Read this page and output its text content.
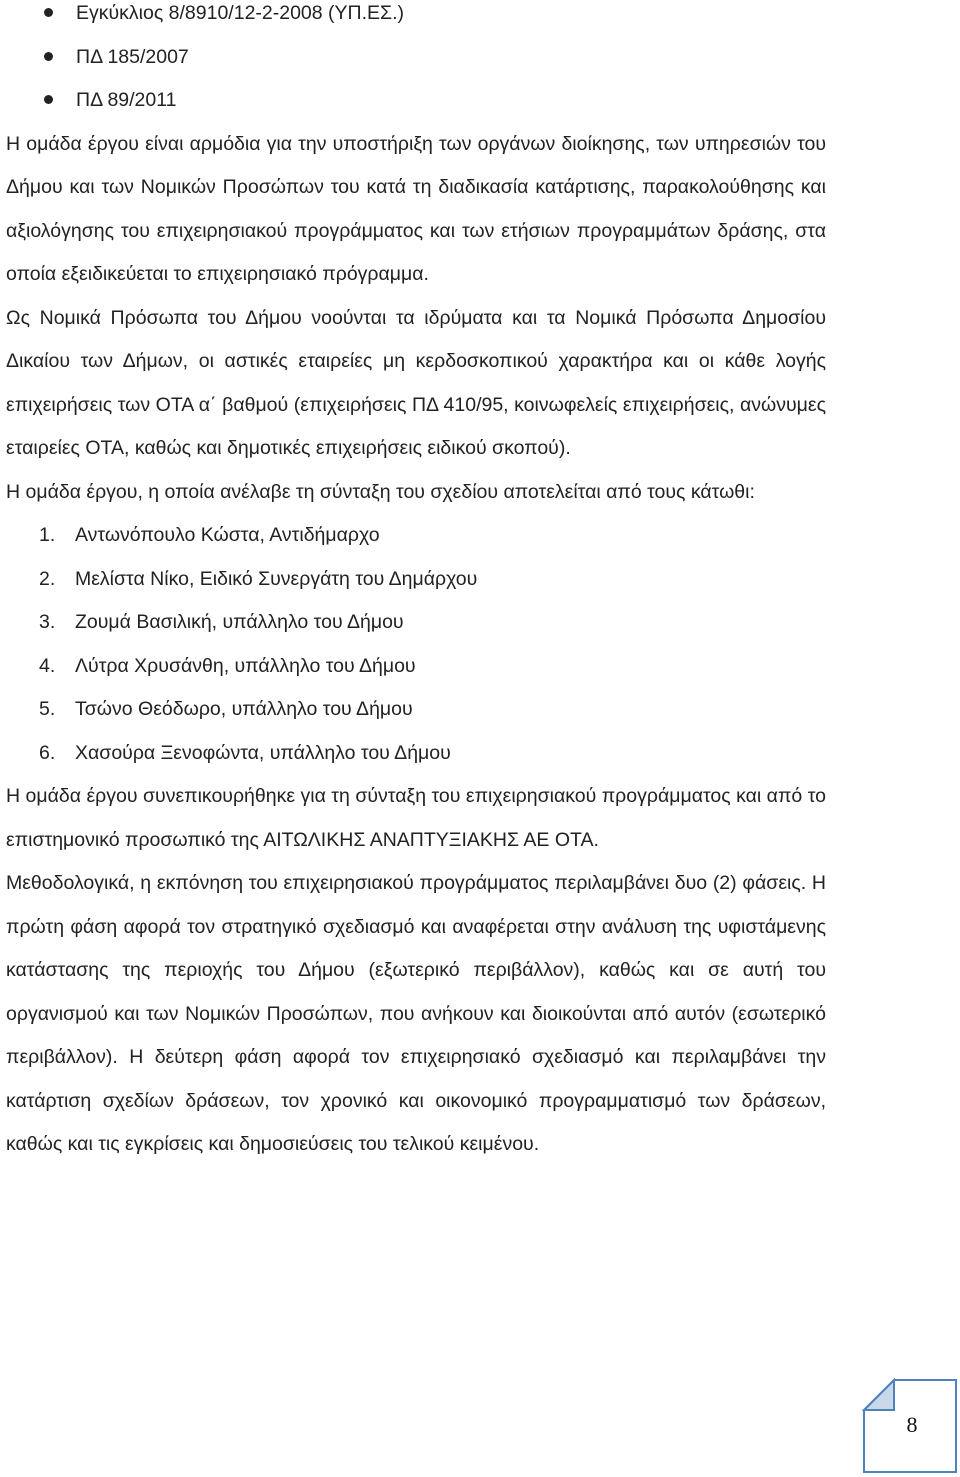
Εγκύκλιος 8/8910/12-2-2008 (ΥΠ.ΕΣ.)
ΠΔ 185/2007
ΠΔ 89/2011

Η ομάδα έργου είναι αρμόδια για την υποστήριξη των οργάνων διοίκησης, των υπηρεσιών του Δήμου και των Νομικών Προσώπων του κατά τη διαδικασία κατάρτισης, παρακολούθησης και αξιολόγησης του επιχειρησιακού προγράμματος και των ετήσιων προγραμμάτων δράσης, στα οποία εξειδικεύεται το επιχειρησιακό πρόγραμμα.

Ως Νομικά Πρόσωπα του Δήμου νοούνται τα ιδρύματα και τα Νομικά Πρόσωπα Δημοσίου Δικαίου των Δήμων, οι αστικές εταιρείες μη κερδοσκοπικού χαρακτήρα και οι κάθε λογής επιχειρήσεις των ΟΤΑ α΄ βαθμού (επιχειρήσεις ΠΔ 410/95, κοινωφελείς επιχειρήσεις, ανώνυμες εταιρείες ΟΤΑ, καθώς και δημοτικές επιχειρήσεις ειδικού σκοπού).

Η ομάδα έργου, η οποία ανέλαβε τη σύνταξη του σχεδίου αποτελείται από τους κάτωθι:

1. Αντωνόπουλο Κώστα, Αντιδήμαρχο
2. Μελίστα Νίκο, Ειδικό Συνεργάτη του Δημάρχου
3. Ζουμά Βασιλική, υπάλληλο του Δήμου
4. Λύτρα Χρυσάνθη, υπάλληλο του Δήμου
5. Τσώνο Θεόδωρο, υπάλληλο του Δήμου
6. Χασούρα Ξενοφώντα, υπάλληλο του Δήμου

Η ομάδα έργου συνεπικουρήθηκε για τη σύνταξη του επιχειρησιακού προγράμματος και από το επιστημονικό προσωπικό της ΑΙΤΩΛΙΚΗΣ ΑΝΑΠΤΥΞΙΑΚΗΣ ΑΕ ΟΤΑ.

Μεθοδολογικά, η εκπόνηση του επιχειρησιακού προγράμματος περιλαμβάνει δυο (2) φάσεις. Η πρώτη φάση αφορά τον στρατηγικό σχεδιασμό και αναφέρεται στην ανάλυση της υφιστάμενης κατάστασης της περιοχής του Δήμου (εξωτερικό περιβάλλον), καθώς και σε αυτή του οργανισμού και των Νομικών Προσώπων, που ανήκουν και διοικούνται από αυτόν (εσωτερικό περιβάλλον). Η δεύτερη φάση αφορά τον επιχειρησιακό σχεδιασμό και περιλαμβάνει την κατάρτιση σχεδίων δράσεων, τον χρονικό και οικονομικό προγραμματισμό των δράσεων, καθώς και τις εγκρίσεις και δημοσιεύσεις του τελικού κειμένου.

8
